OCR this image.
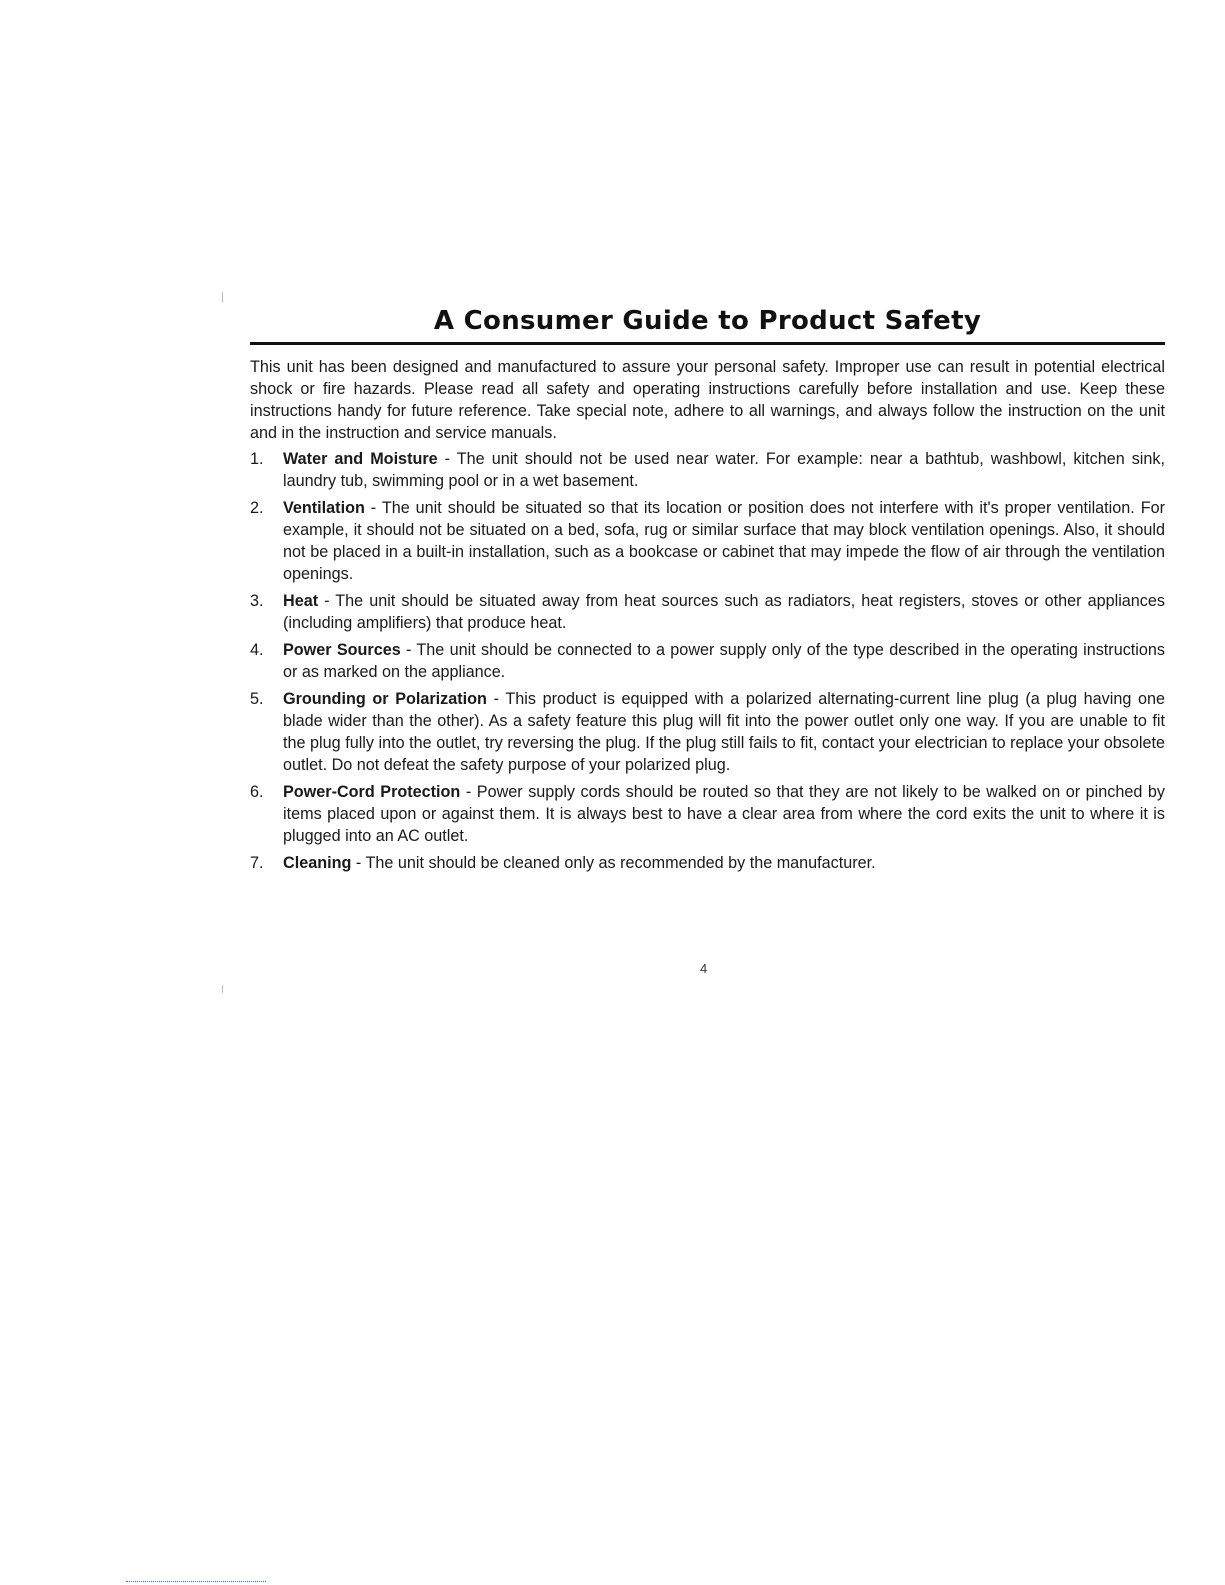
A Consumer Guide to Product Safety

This unit has been designed and manufactured to assure your personal safety. Improper use can result in potential electrical shock or fire hazards. Please read all safety and operating instructions carefully before installation and use. Keep these instructions handy for future reference. Take special note, adhere to all warnings, and always follow the instruction on the unit and in the instruction and service manuals.

1. Water and Moisture - The unit should not be used near water. For example: near a bathtub, washbowl, kitchen sink, laundry tub, swimming pool or in a wet basement.
2. Ventilation - The unit should be situated so that its location or position does not interfere with it's proper ventilation. For example, it should not be situated on a bed, sofa, rug or similar surface that may block ventilation openings. Also, it should not be placed in a built-in installation, such as a bookcase or cabinet that may impede the flow of air through the ventilation openings.
3. Heat - The unit should be situated away from heat sources such as radiators, heat registers, stoves or other appliances (including amplifiers) that produce heat.
4. Power Sources - The unit should be connected to a power supply only of the type described in the operating instructions or as marked on the appliance.
5. Grounding or Polarization - This product is equipped with a polarized alternating-current line plug (a plug having one blade wider than the other). As a safety feature this plug will fit into the power outlet only one way. If you are unable to fit the plug fully into the outlet, try reversing the plug. If the plug still fails to fit, contact your electrician to replace your obsolete outlet. Do not defeat the safety purpose of your polarized plug.
6. Power-Cord Protection - Power supply cords should be routed so that they are not likely to be walked on or pinched by items placed upon or against them. It is always best to have a clear area from where the cord exits the unit to where it is plugged into an AC outlet.
7. Cleaning - The unit should be cleaned only as recommended by the manufacturer.
4
